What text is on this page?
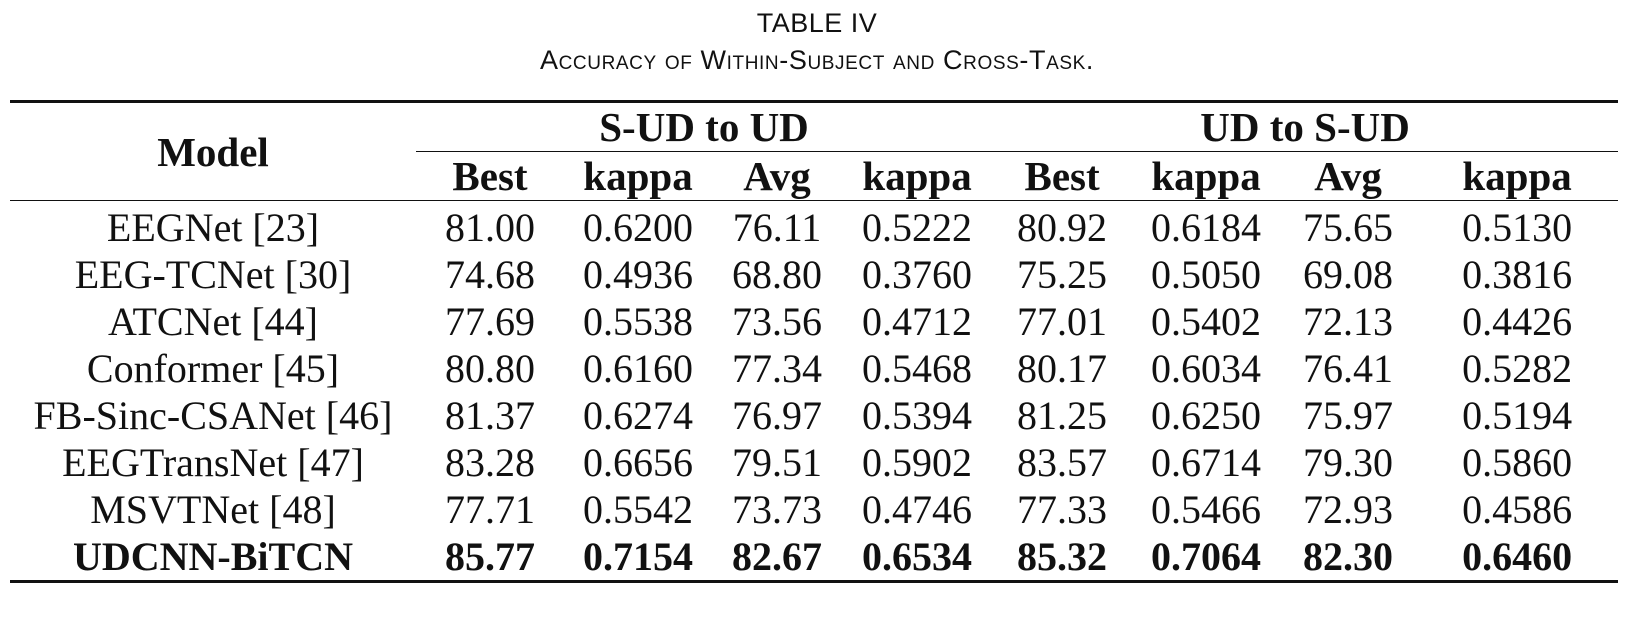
TABLE IV
Accuracy of Within-Subject and Cross-Task.
Model	S-UD to UD				UD to S-UD			
	Best	kappa	Avg	kappa	Best	kappa	Avg	kappa
EEGNet [23]	81.00	0.6200	76.11	0.5222	80.92	0.6184	75.65	0.5130
EEG-TCNet [30]	74.68	0.4936	68.80	0.3760	75.25	0.5050	69.08	0.3816
ATCNet [44]	77.69	0.5538	73.56	0.4712	77.01	0.5402	72.13	0.4426
Conformer [45]	80.80	0.6160	77.34	0.5468	80.17	0.6034	76.41	0.5282
FB-Sinc-CSANet [46]	81.37	0.6274	76.97	0.5394	81.25	0.6250	75.97	0.5194
EEGTransNet [47]	83.28	0.6656	79.51	0.5902	83.57	0.6714	79.30	0.5860
MSVTNet [48]	77.71	0.5542	73.73	0.4746	77.33	0.5466	72.93	0.4586
UDCNN-BiTCN	85.77	0.7154	82.67	0.6534	85.32	0.7064	82.30	0.6460
